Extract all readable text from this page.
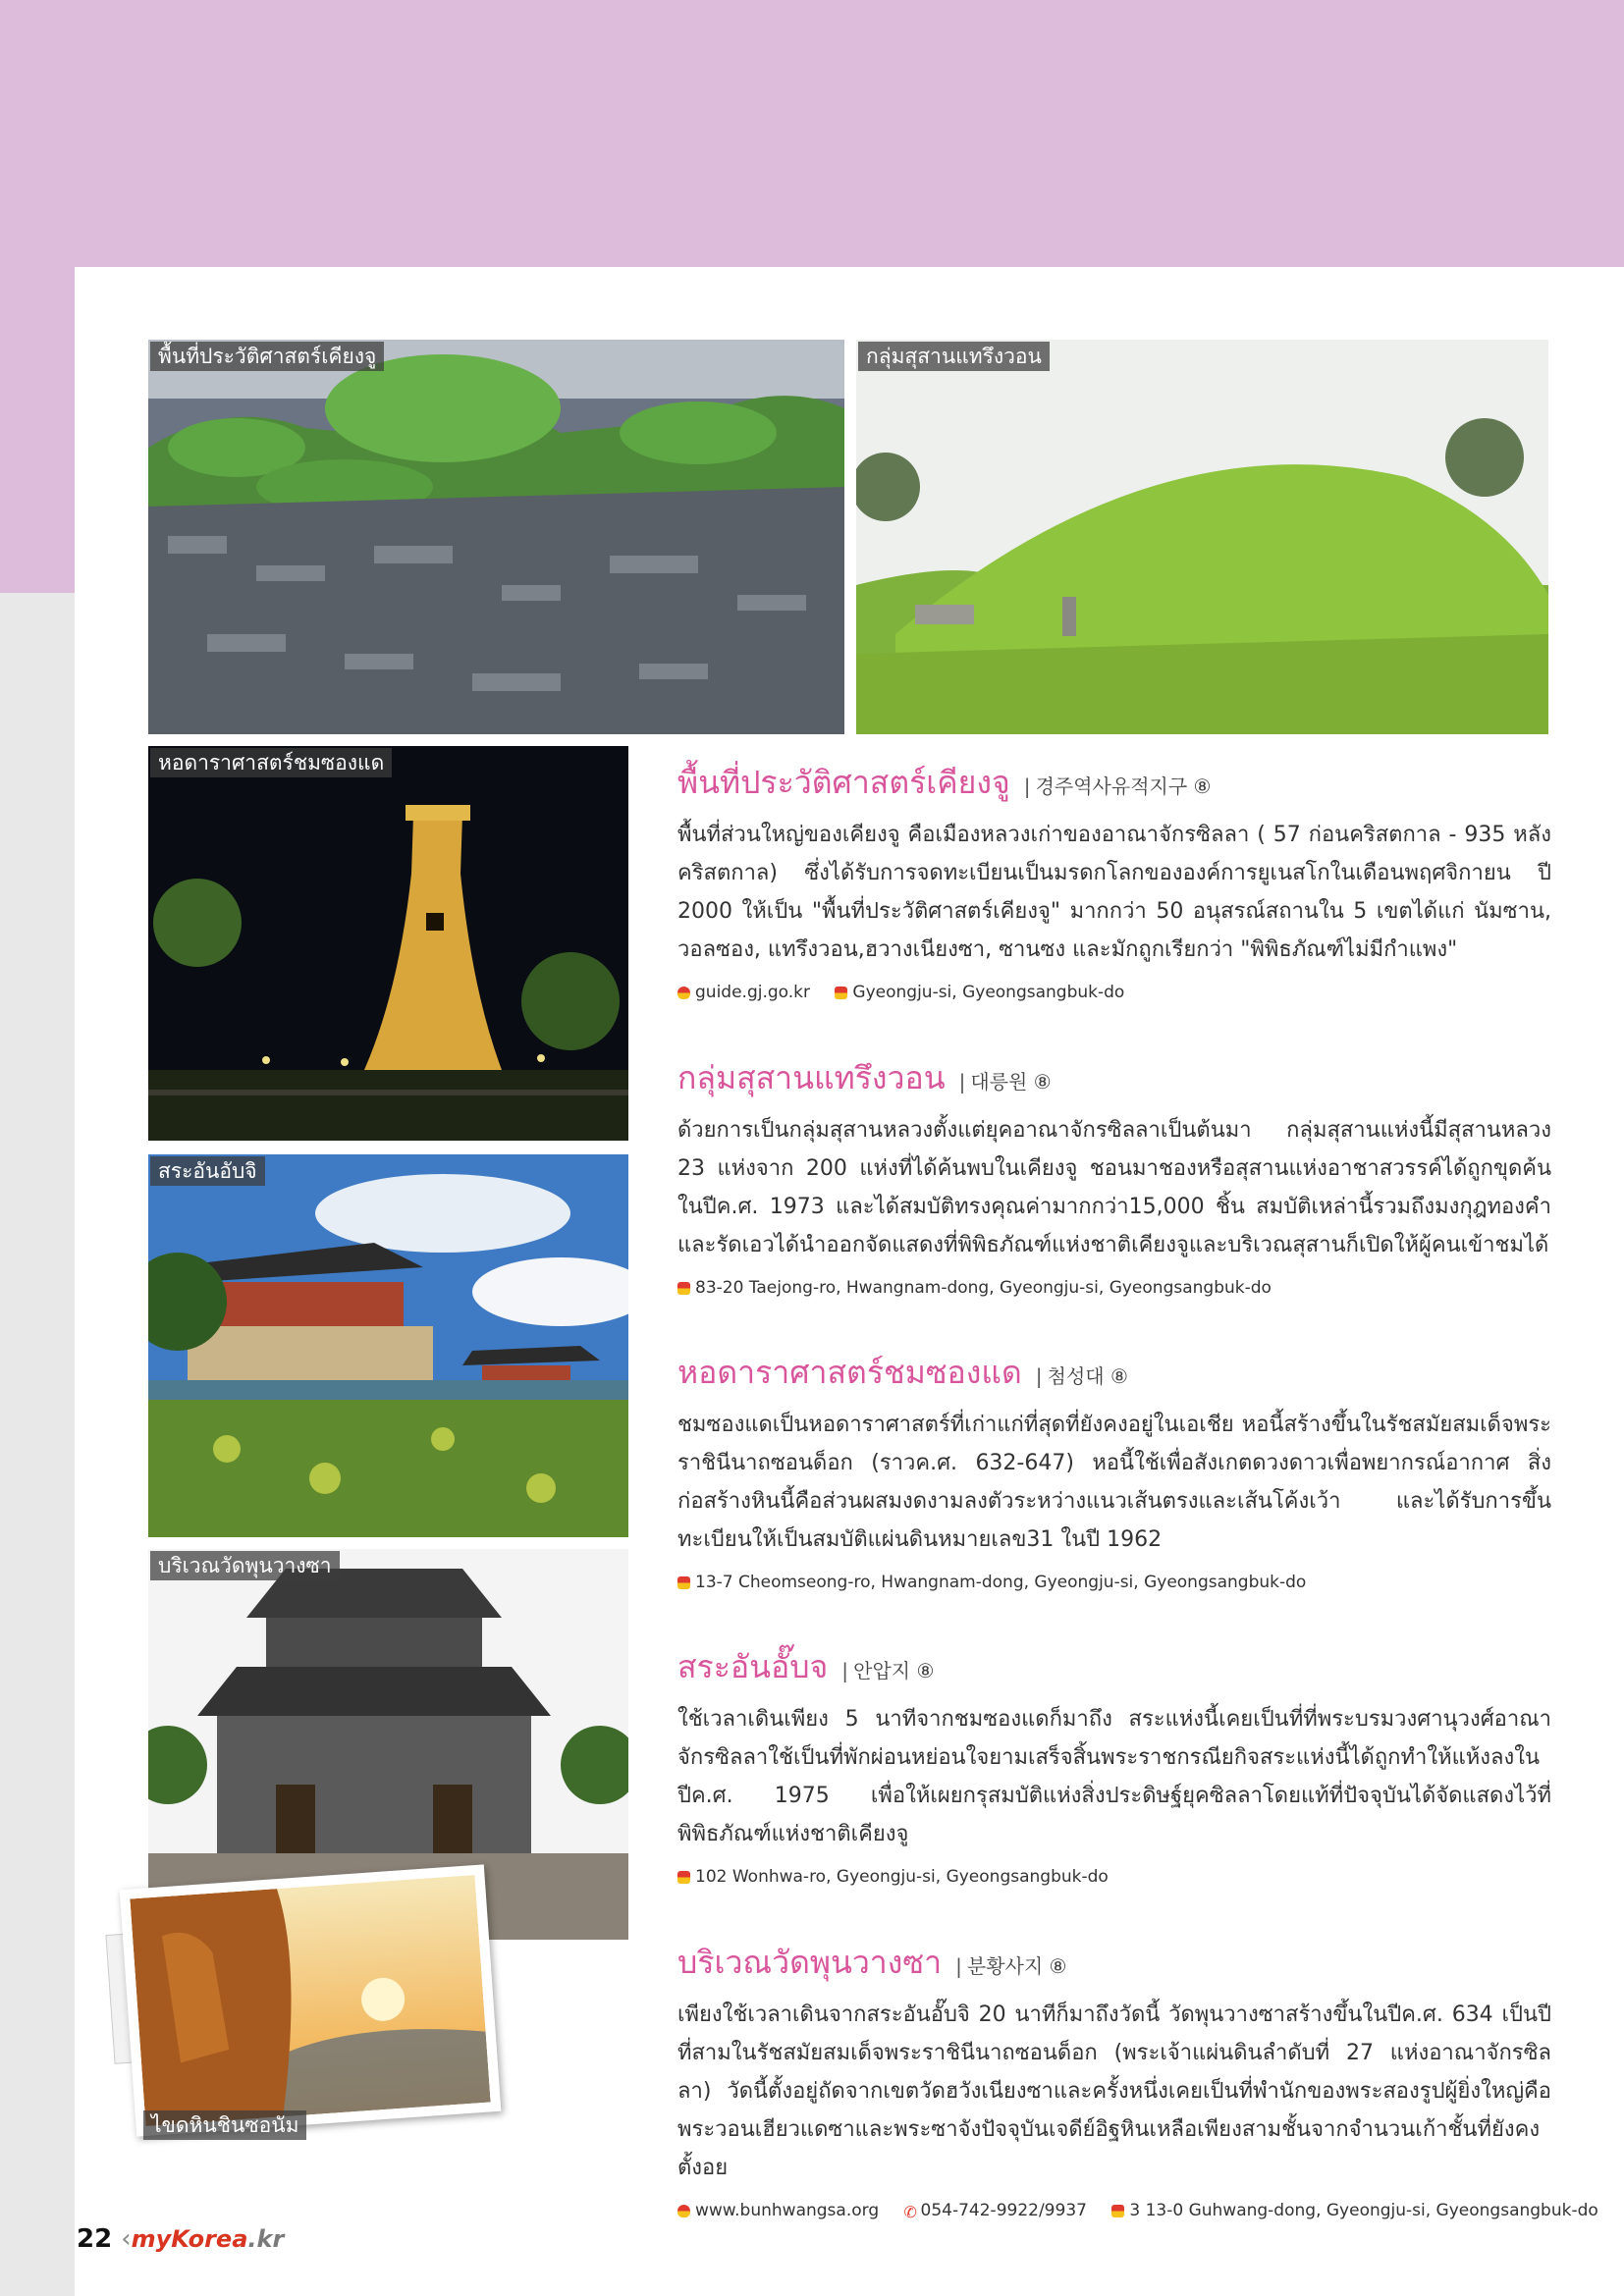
พื้นที่ประวัติศาสตร์เคียงจู	กลุ่มสุสานแทรึงวอน
หอดาราศาสตร์ชมซองแด
สระอันอับจิ
บริเวณวัดพุนวางซา
ไขดหินชินซอนัม
พื้นที่ประวัติศาสตร์เคียงจู | 경주역사유적지구 ⑧
พื้นที่ส่วนใหญ่ของเคียงจู คือเมืองหลวงเก่าของอาณาจักรซิลลา ( 57 ก่อนคริสตกาล - 935 หลังคริสตกาล) ซึ่งได้รับการจดทะเบียนเป็นมรดกโลกขององค์การยูเนสโกในเดือนพฤศจิกายน ปี 2000 ให้เป็น "พื้นที่ประวัติศาสตร์เคียงจู" มากกว่า 50 อนุสรณ์สถานใน 5 เขตได้แก่ นัมซาน, วอลซอง, แทรึงวอน,ฮวางเนียงซา, ซานซง และมักถูกเรียกว่า "พิพิธภัณฑ์ไม่มีกำแพง"
guide.gj.go.kr	Gyeongju-si, Gyeongsangbuk-do
กลุ่มสุสานแทรึงวอน | 대릉원 ⑧
ด้วยการเป็นกลุ่มสุสานหลวงตั้งแต่ยุคอาณาจักรซิลลาเป็นต้นมา กลุ่มสุสานแห่งนี้มีสุสานหลวง 23 แห่งจาก 200 แห่งที่ได้ค้นพบในเคียงจู ชอนมาชองหรือสุสานแห่งอาชาสวรรค์ได้ถูกขุดค้นในปีค.ศ. 1973 และได้สมบัติทรงคุณค่ามากกว่า15,000 ชิ้น สมบัติเหล่านี้รวมถึงมงกุฎทองคำและรัดเอวได้นำออกจัดแสดงที่พิพิธภัณฑ์แห่งชาติเคียงจูและบริเวณสุสานก็เปิดให้ผู้คนเข้าชมได้
83-20 Taejong-ro, Hwangnam-dong, Gyeongju-si, Gyeongsangbuk-do
หอดาราศาสตร์ชมซองแด | 첨성대 ⑧
ชมซองแดเป็นหอดาราศาสตร์ที่เก่าแก่ที่สุดที่ยังคงอยู่ในเอเชีย หอนี้สร้างขึ้นในรัชสมัยสมเด็จพระราชินีนาถซอนด็อก (ราวค.ศ. 632-647) หอนี้ใช้เพื่อสังเกตดวงดาวเพื่อพยากรณ์อากาศ สิ่งก่อสร้างหินนี้คือส่วนผสมงดงามลงตัวระหว่างแนวเส้นตรงและเส้นโค้งเว้า และได้รับการขึ้นทะเบียนให้เป็นสมบัติแผ่นดินหมายเลข31 ในปี 1962
13-7 Cheomseong-ro, Hwangnam-dong, Gyeongju-si, Gyeongsangbuk-do
สระอันอั๊บจ | 안압지 ⑧
ใช้เวลาเดินเพียง 5 นาทีจากชมซองแดก็มาถึง สระแห่งนี้เคยเป็นที่ที่พระบรมวงศานุวงศ์อาณาจักรซิลลาใช้เป็นที่พักผ่อนหย่อนใจยามเสร็จสิ้นพระราชกรณียกิจสระแห่งนี้ได้ถูกทำให้แห้งลงในปีค.ศ. 1975 เพื่อให้เผยกรุสมบัติแห่งสิ่งประดิษฐ์ยุคซิลลาโดยแท้ที่ปัจจุบันได้จัดแสดงไว้ที่พิพิธภัณฑ์แห่งชาติเคียงจู
102 Wonhwa-ro, Gyeongju-si, Gyeongsangbuk-do
บริเวณวัดพุนวางซา | 분황사지 ⑧
เพียงใช้เวลาเดินจากสระอันอั๊บจิ 20 นาทีก็มาถึงวัดนี้ วัดพุนวางซาสร้างขึ้นในปีค.ศ. 634 เป็นปีที่สามในรัชสมัยสมเด็จพระราชินีนาถซอนด็อก (พระเจ้าแผ่นดินลำดับที่ 27 แห่งอาณาจักรซิลลา) วัดนี้ตั้งอยู่ถัดจากเขตวัดฮวังเนียงซาและครั้งหนึ่งเคยเป็นที่พำนักของพระสองรูปผู้ยิ่งใหญ่คือพระวอนเฮียวแดซาและพระซาจังปัจจุบันเจดีย์อิฐหินเหลือเพียงสามชั้นจากจำนวนเก้าชั้นที่ยังคงตั้งอย
www.bunhwangsa.org ✆ 054-742-9922/9937	3 13-0 Guhwang-dong, Gyeongju-si, Gyeongsangbuk-do
22 ‹myKorea.kr
